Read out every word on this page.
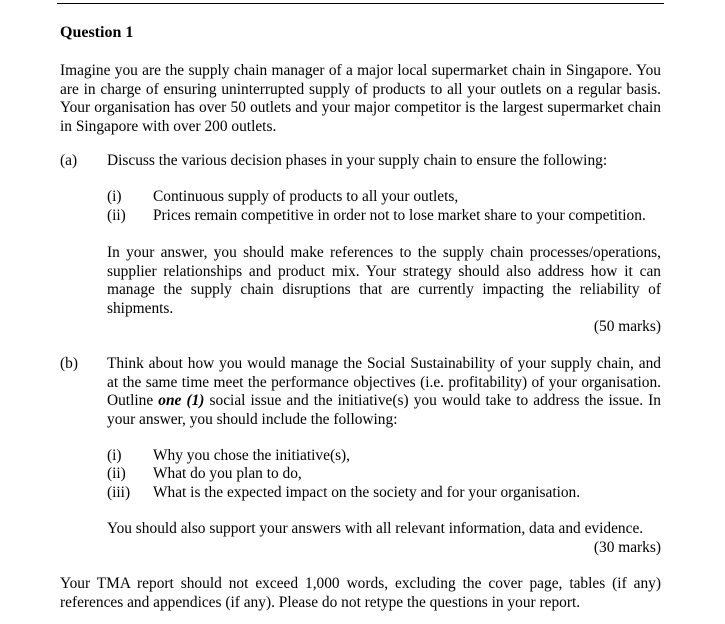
Question 1
Imagine you are the supply chain manager of a major local supermarket chain in Singapore. You are in charge of ensuring uninterrupted supply of products to all your outlets on a regular basis. Your organisation has over 50 outlets and your major competitor is the largest supermarket chain in Singapore with over 200 outlets.
(a) Discuss the various decision phases in your supply chain to ensure the following:
(i)	Continuous supply of products to all your outlets,
(ii)	Prices remain competitive in order not to lose market share to your competition.
In your answer, you should make references to the supply chain processes/operations, supplier relationships and product mix. Your strategy should also address how it can manage the supply chain disruptions that are currently impacting the reliability of shipments.
(50 marks)
(b) Think about how you would manage the Social Sustainability of your supply chain, and at the same time meet the performance objectives (i.e. profitability) of your organisation. Outline one (1) social issue and the initiative(s) you would take to address the issue. In your answer, you should include the following:
(i)	Why you chose the initiative(s),
(ii)	What do you plan to do,
(iii)	What is the expected impact on the society and for your organisation.
You should also support your answers with all relevant information, data and evidence.
(30 marks)
Your TMA report should not exceed 1,000 words, excluding the cover page, tables (if any) references and appendices (if any). Please do not retype the questions in your report.
